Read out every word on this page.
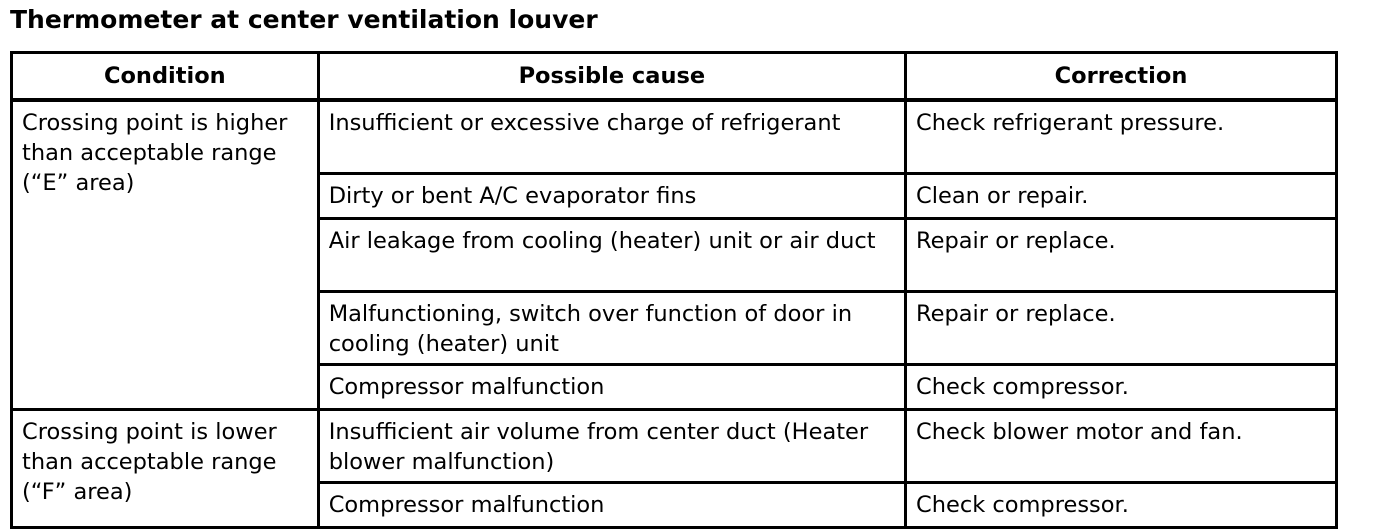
Thermometer at center ventilation louver
Condition	Possible cause	Correction
Crossing point is higher than acceptable range (“E” area)	Insufficient or excessive charge of refrigerant	Check refrigerant pressure.
	Dirty or bent A/C evaporator fins	Clean or repair.
	Air leakage from cooling (heater) unit or air duct	Repair or replace.
	Malfunctioning, switch over function of door in cooling (heater) unit	Repair or replace.
	Compressor malfunction	Check compressor.
Crossing point is lower than acceptable range (“F” area)	Insufficient air volume from center duct (Heater blower malfunction)	Check blower motor and fan.
	Compressor malfunction	Check compressor.
